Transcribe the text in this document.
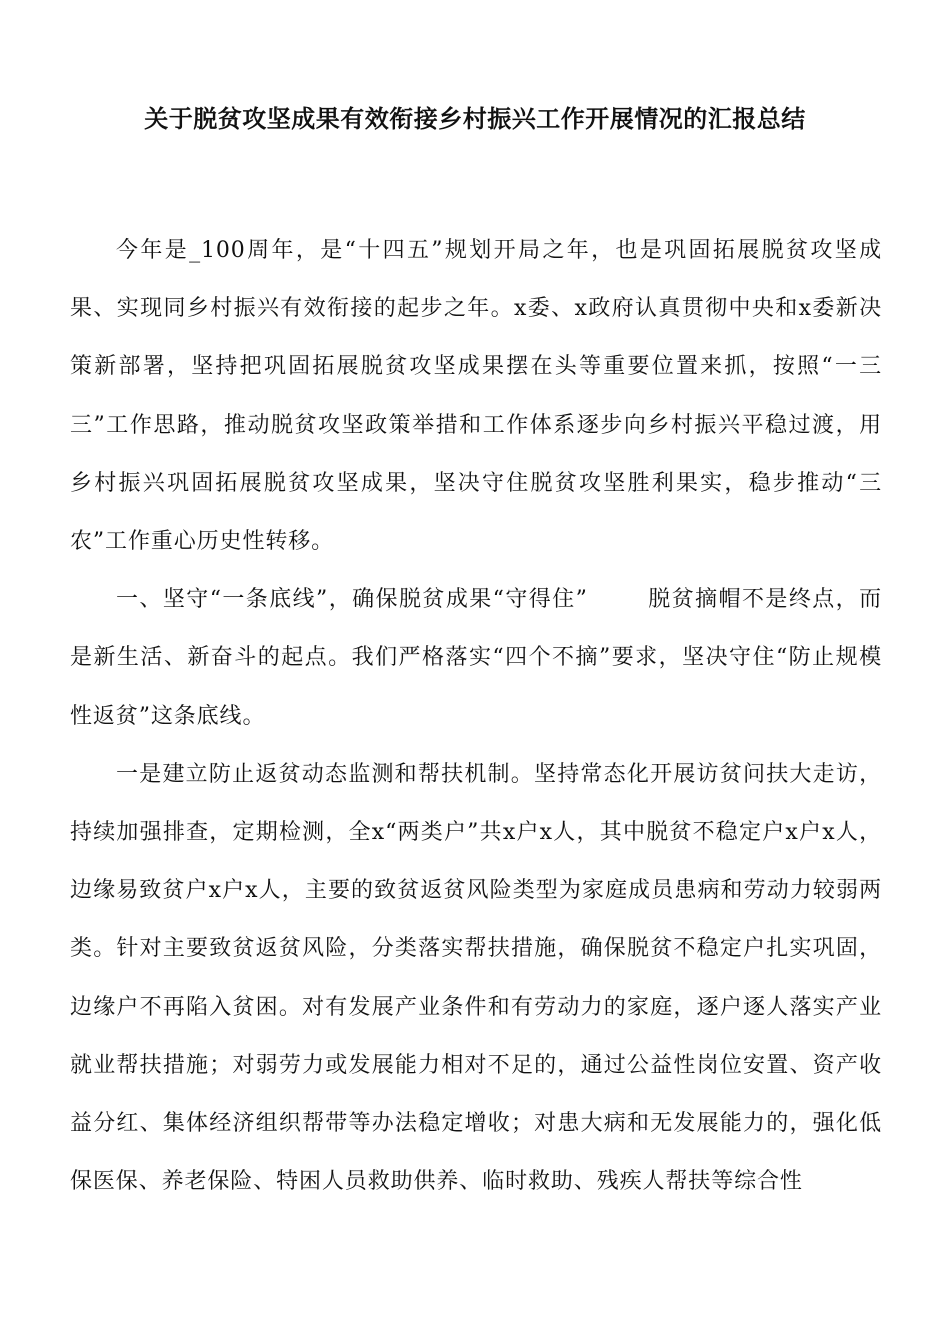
关于脱贫攻坚成果有效衔接乡村振兴工作开展情况的汇报总结

今年是_100周年，是“十四五”规划开局之年，也是巩固拓展脱贫攻坚成果、实现同乡村振兴有效衔接的起步之年。x委、x政府认真贯彻中央和x委新决策新部署，坚持把巩固拓展脱贫攻坚成果摆在头等重要位置来抓，按照“一三三”工作思路，推动脱贫攻坚政策举措和工作体系逐步向乡村振兴平稳过渡，用乡村振兴巩固拓展脱贫攻坚成果，坚决守住脱贫攻坚胜利果实，稳步推动“三农”工作重心历史性转移。

一、坚守“一条底线”，确保脱贫成果“守得住”	脱贫摘帽不是终点，而是新生活、新奋斗的起点。我们严格落实“四个不摘”要求，坚决守住“防止规模性返贫”这条底线。

一是建立防止返贫动态监测和帮扶机制。坚持常态化开展访贫问扶大走访，持续加强排查，定期检测，全x“两类户”共x户x人，其中脱贫不稳定户x户x人，边缘易致贫户x户x人，主要的致贫返贫风险类型为家庭成员患病和劳动力较弱两类。针对主要致贫返贫风险，分类落实帮扶措施，确保脱贫不稳定户扎实巩固，边缘户不再陷入贫困。对有发展产业条件和有劳动力的家庭，逐户逐人落实产业就业帮扶措施；对弱劳力或发展能力相对不足的，通过公益性岗位安置、资产收益分红、集体经济组织帮带等办法稳定增收；对患大病和无发展能力的，强化低保医保、养老保险、特困人员救助供养、临时救助、残疾人帮扶等综合性
